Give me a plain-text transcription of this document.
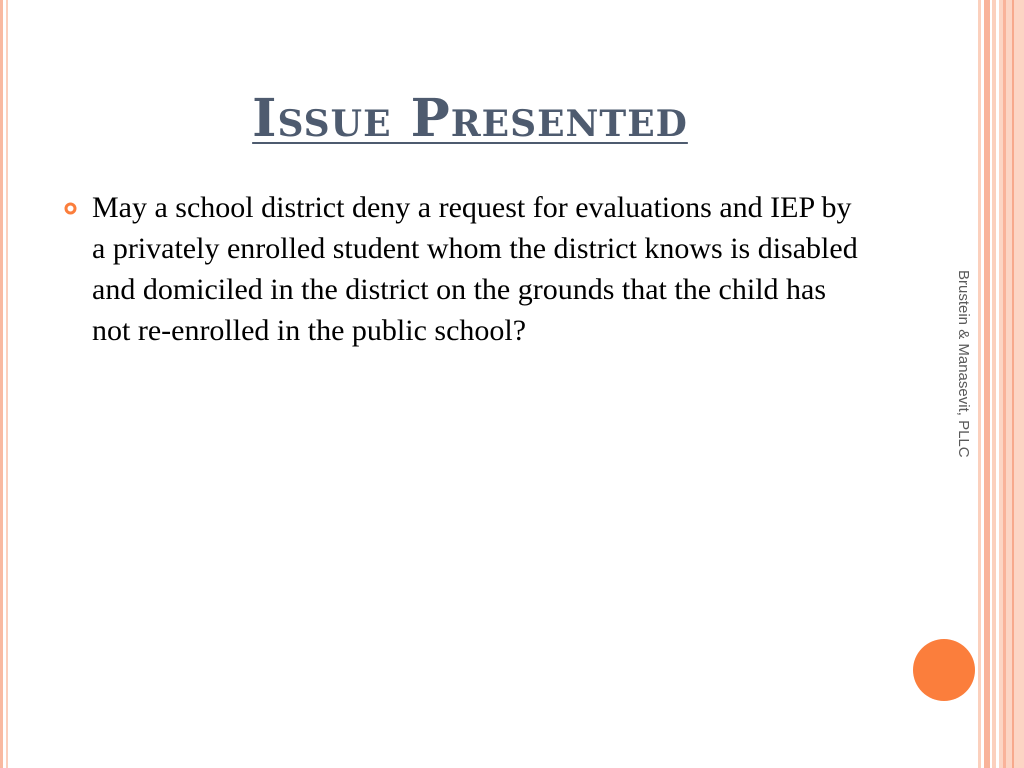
Issue Presented
May a school district deny a request for evaluations and IEP by a privately enrolled student whom the district knows is disabled and domiciled in the district on the grounds that the child has not re-enrolled in the public school?	Brustein & Manasevit, PLLC
